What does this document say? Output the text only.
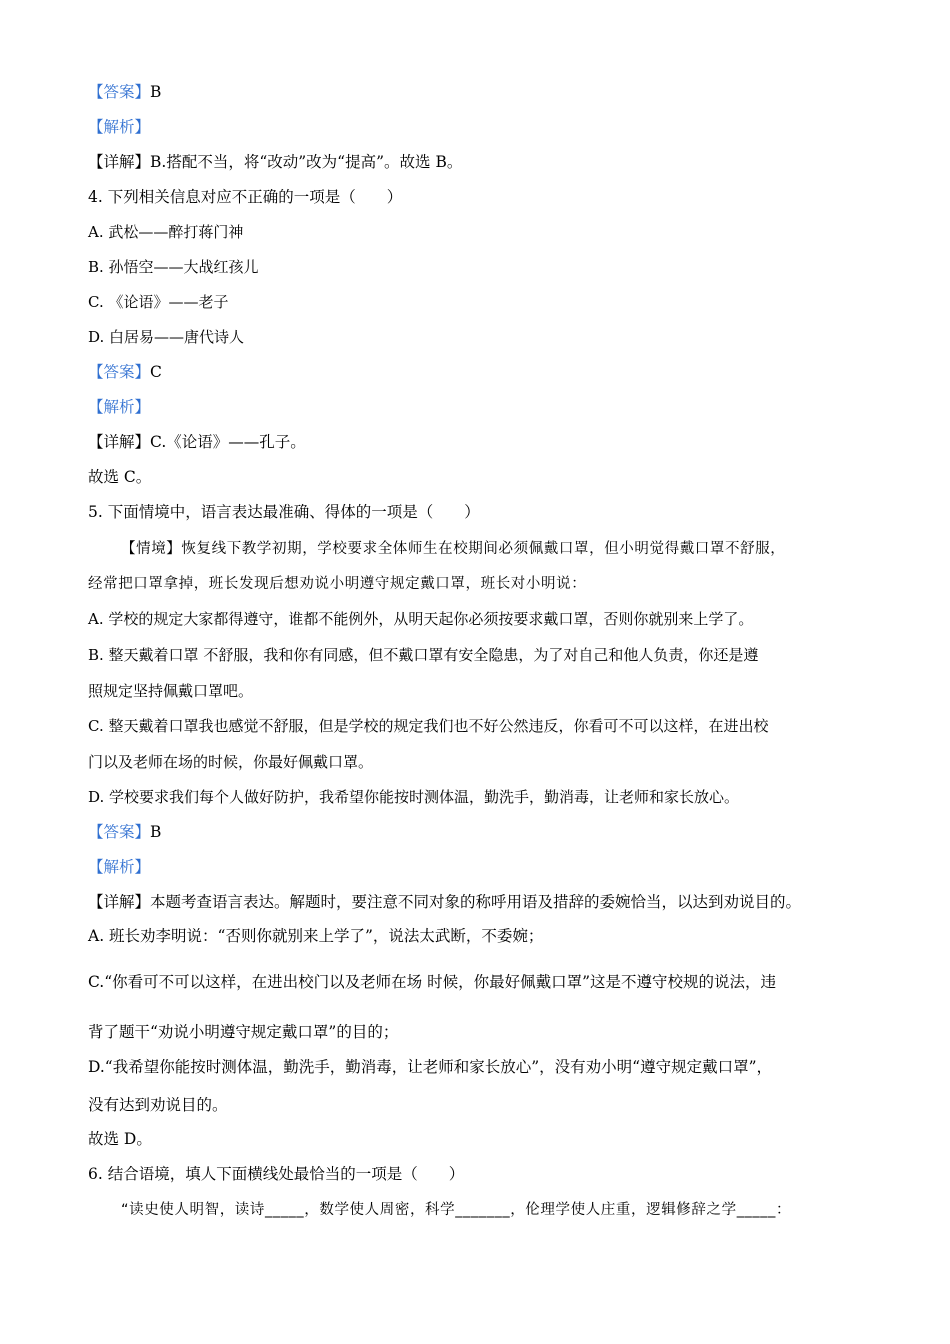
【答案】B
【解析】
【详解】B.搭配不当，将“改动”改为“提高”。故选 B。
4. 下列相关信息对应不正确的一项是（　　）
A. 武松——醉打蒋门神
B. 孙悟空——大战红孩儿
C. 《论语》——老子
D. 白居易——唐代诗人
【答案】C
【解析】
【详解】C.《论语》——孔子。
故选 C。
5. 下面情境中，语言表达最准确、得体的一项是（　　）
【情境】恢复线下教学初期，学校要求全体师生在校期间必须佩戴口罩，但小明觉得戴口罩不舒服，
经常把口罩拿掉，班长发现后想劝说小明遵守规定戴口罩，班长对小明说：
A. 学校的规定大家都得遵守，谁都不能例外，从明天起你必须按要求戴口罩，否则你就别来上学了。
B. 整天戴着口罩 不舒服，我和你有同感，但不戴口罩有安全隐患，为了对自己和他人负责，你还是遵
照规定坚持佩戴口罩吧。
C. 整天戴着口罩我也感觉不舒服，但是学校的规定我们也不好公然违反，你看可不可以这样，在进出校
门以及老师在场的时候，你最好佩戴口罩。
D. 学校要求我们每个人做好防护，我希望你能按时测体温，勤洗手，勤消毒，让老师和家长放心。
【答案】B
【解析】
【详解】本题考查语言表达。解题时，要注意不同对象的称呼用语及措辞的委婉恰当，以达到劝说目的。
A. 班长劝李明说：“否则你就别来上学了”，说法太武断，不委婉；
C.“你看可不可以这样，在进出校门以及老师在场 时候，你最好佩戴口罩”这是不遵守校规的说法，违
背了题干“劝说小明遵守规定戴口罩”的目的；
D.“我希望你能按时测体温，勤洗手，勤消毒，让老师和家长放心”，没有劝小明“遵守规定戴口罩”，
没有达到劝说目的。
故选 D。
6. 结合语境，填人下面横线处最恰当的一项是（　　）
“读史使人明智，读诗_____，数学使人周密，科学_______，伦理学使人庄重，逻辑修辞之学_____：
